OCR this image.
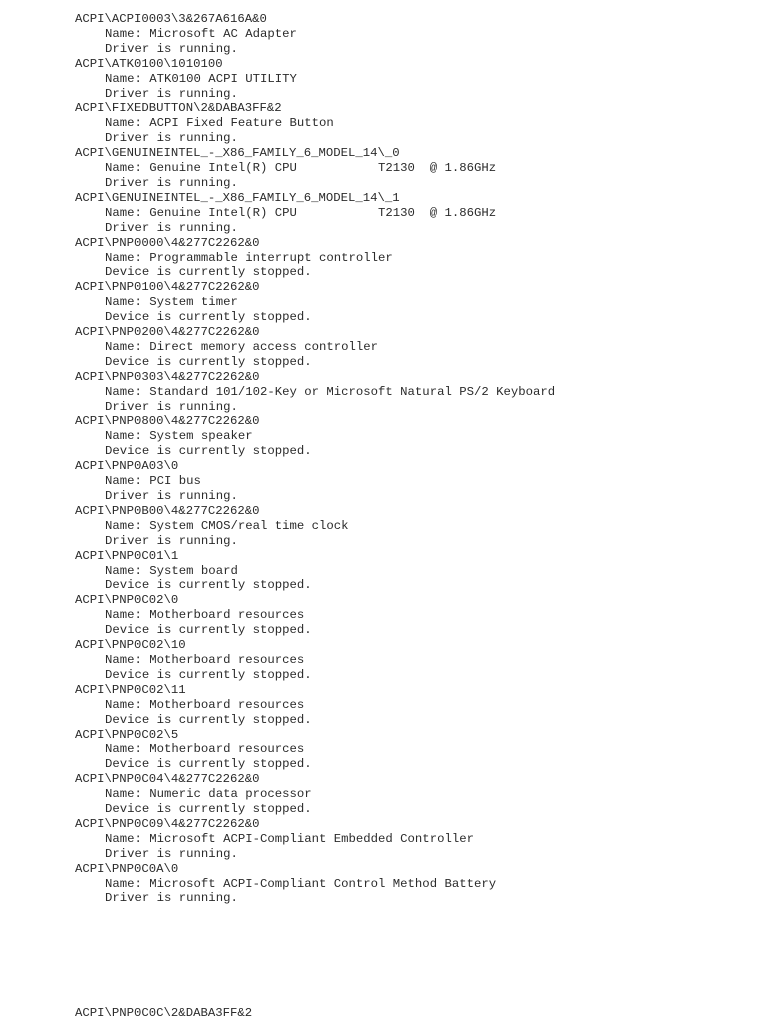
ACPI\ACPI0003\3&267A616A&0
Name: Microsoft AC Adapter
Driver is running.
ACPI\ATK0100\1010100
Name: ATK0100 ACPI UTILITY
Driver is running.
ACPI\FIXEDBUTTON\2&DABA3FF&2
Name: ACPI Fixed Feature Button
Driver is running.
ACPI\GENUINEINTEL_-_X86_FAMILY_6_MODEL_14\_0
Name: Genuine Intel(R) CPU           T2130  @ 1.86GHz
Driver is running.
ACPI\GENUINEINTEL_-_X86_FAMILY_6_MODEL_14\_1
Name: Genuine Intel(R) CPU           T2130  @ 1.86GHz
Driver is running.
ACPI\PNP0000\4&277C2262&0
Name: Programmable interrupt controller
Device is currently stopped.
ACPI\PNP0100\4&277C2262&0
Name: System timer
Device is currently stopped.
ACPI\PNP0200\4&277C2262&0
Name: Direct memory access controller
Device is currently stopped.
ACPI\PNP0303\4&277C2262&0
Name: Standard 101/102-Key or Microsoft Natural PS/2 Keyboard
Driver is running.
ACPI\PNP0800\4&277C2262&0
Name: System speaker
Device is currently stopped.
ACPI\PNP0A03\0
Name: PCI bus
Driver is running.
ACPI\PNP0B00\4&277C2262&0
Name: System CMOS/real time clock
Driver is running.
ACPI\PNP0C01\1
Name: System board
Device is currently stopped.
ACPI\PNP0C02\0
Name: Motherboard resources
Device is currently stopped.
ACPI\PNP0C02\10
Name: Motherboard resources
Device is currently stopped.
ACPI\PNP0C02\11
Name: Motherboard resources
Device is currently stopped.
ACPI\PNP0C02\5
Name: Motherboard resources
Device is currently stopped.
ACPI\PNP0C04\4&277C2262&0
Name: Numeric data processor
Device is currently stopped.
ACPI\PNP0C09\4&277C2262&0
Name: Microsoft ACPI-Compliant Embedded Controller
Driver is running.
ACPI\PNP0C0A\0
Name: Microsoft ACPI-Compliant Control Method Battery
Driver is running.
ACPI\PNP0C0C\2&DABA3FF&2
